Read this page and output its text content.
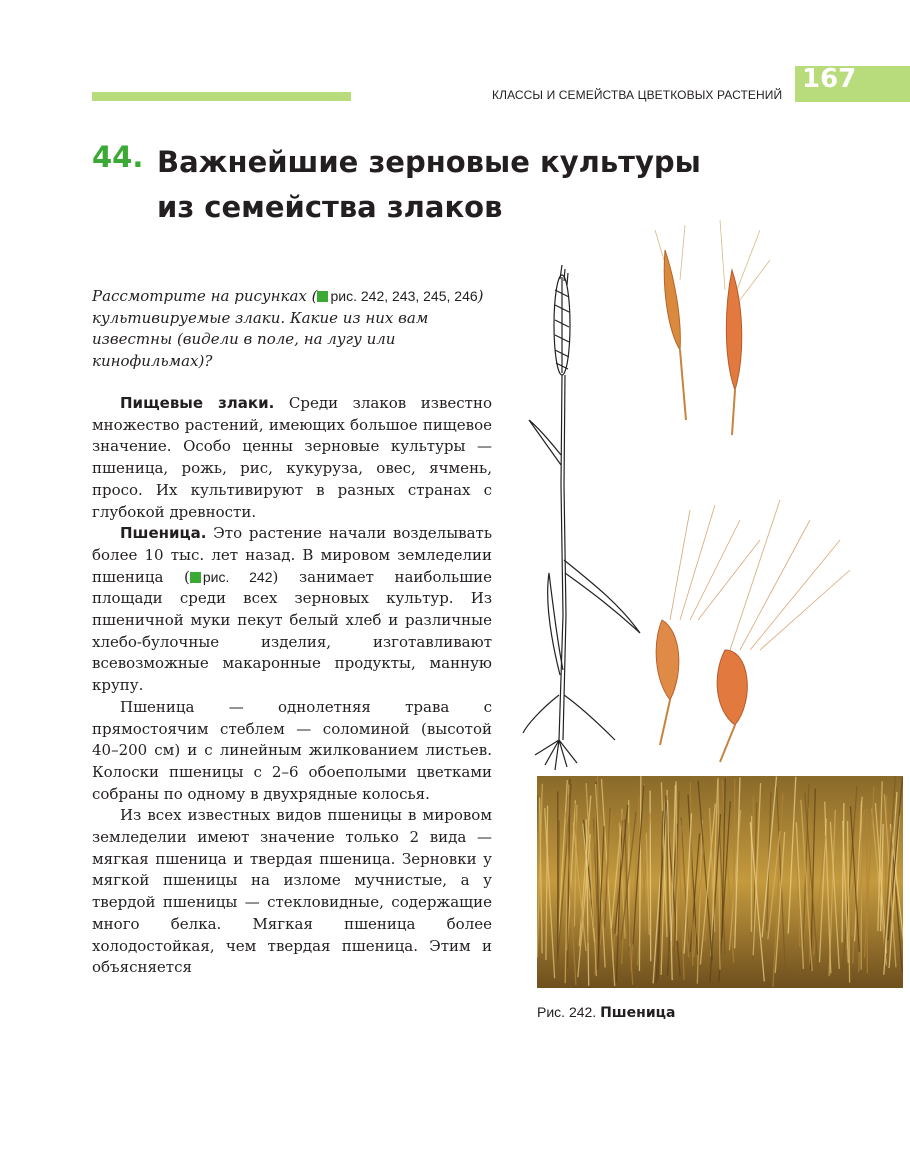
КЛАССЫ И СЕМЕЙСТВА ЦВЕТКОВЫХ РАСТЕНИЙ
167
44. Важнейшие зерновые культуры
из семейства злаков
Рассмотрите на рисунках ( рис. 242, 243, 245, 246) культивируемые злаки. Какие из них вам известны (видели в поле, на лугу или кинофильмах)?

Пищевые злаки. Среди злаков известно множество растений, имеющих большое пищевое значение. Особо ценны зерновые культуры — пшеница, рожь, рис, кукуруза, овес, ячмень, просо. Их культивируют в разных странах с глубокой древности.

Пшеница. Это растение начали возделывать более 10 тыс. лет назад. В мировом земледелии пшеница ( рис. 242) занимает наибольшие площади среди всех зерновых культур. Из пшеничной муки пекут белый хлеб и различные хлебо-булочные изделия, изготавливают всевозможные макаронные продукты, манную крупу.

Пшеница — однолетняя трава с прямостоячим стеблем — соломиной (высотой 40–200 см) и с линейным жилкованием листьев. Колоски пшеницы с 2–6 обоеполыми цветками собраны по одному в двухрядные колосья.

Из всех известных видов пшеницы в мировом земледелии имеют значение только 2 вида — мягкая пшеница и твердая пшеница. Зерновки у мягкой пшеницы на изломе мучнистые, а у твердой пшеницы — стекловидные, содержащие много белка. Мягкая пшеница более холодостойкая, чем твердая пшеница. Этим и объясняется

Рис. 242. Пшеница
